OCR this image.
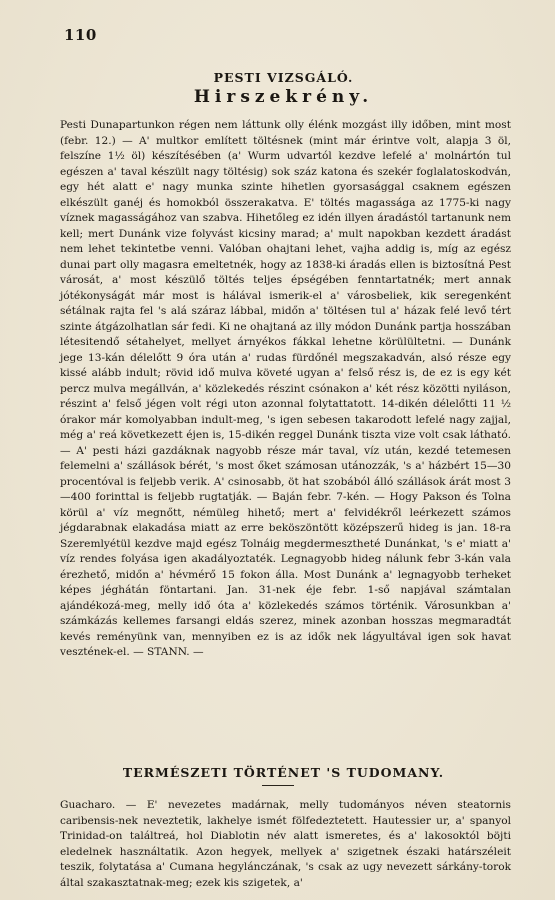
110
PESTI VIZSGÁLÓ.
Hirszekrény.
Pesti Dunapartunkon régen nem láttunk olly élénk mozgást illy időben, mint most (febr. 12.) — A' multkor említett töltésnek (mint már érintve volt, alapja 3 öl, felszíne 1½ öl) készítésében (a' Wurm udvartól kezdve lefelé a' molnártón tul egészen a' taval készült nagy töltésig) sok száz katona és szekér foglalatoskodván, egy hét alatt e' nagy munka szinte hihetlen gyorsasággal csaknem egészen elkészült ganéj és homokból összerakatva. E' töltés magassága az 1775-ki nagy víznek magasságához van szabva. Hihetőleg ez idén illyen áradástól tartanunk nem kell; mert Dunánk vize folyvást kicsiny marad; a' mult napokban kezdett áradást nem lehet tekintetbe venni. Valóban ohajtani lehet, vajha addig is, míg az egész dunai part olly magasra emeltetnék, hogy az 1838-ki áradás ellen is biztosítná Pest városát, a' most készülő töltés teljes épségében fenntartatnék; mert annak jótékonyságát már most is hálával ismerik-el a' városbeliek, kik seregenként sétálnak rajta fel 's alá száraz lábbal, midőn a' töltésen tul a' házak felé levő tért szinte átgázolhatlan sár fedi. Ki ne ohajtaná az illy módon Dunánk partja hosszában létesitendő sétahelyet, mellyet árnyékos fákkal lehetne körülültetni. — Dunánk jege 13-kán délelőtt 9 óra után a' rudas fürdőnél megszakadván, alsó része egy kissé alább indult; rövid idő mulva követé ugyan a' felső rész is, de ez is egy két percz mulva megállván, a' közlekedés részint csónakon a' két rész közötti nyiláson, részint a' felső jégen volt régi uton azonnal folytattatott. 14-dikén délelőtti 11 ½ órakor már komolyabban indult-meg, 's igen sebesen takarodott lefelé nagy zajjal, még a' reá következett éjen is, 15-dikén reggel Dunánk tiszta vize volt csak látható. — A' pesti házi gazdáknak nagyobb része már taval, víz után, kezdé tetemesen felemelni a' szállások bérét, 's most őket számosan utánozzák, 's a' házbért 15—30 procentóval is feljebb verik. A' csinosabb, öt hat szobából álló szállások árát most 3—400 forinttal is feljebb rugtatják. — Baján febr. 7-kén. — Hogy Pakson és Tolna körül a' víz megnőtt, némüleg hihető; mert a' felvidékről leérkezett számos jégdarabnak elakadása miatt az erre beköszöntött középszerű hideg is jan. 18-ra Szeremlyétül kezdve majd egész Tolnáig megdermesztheté Dunánkat, 's e' miatt a' víz rendes folyása igen akadályoztaték. Legnagyobb hideg nálunk febr 3-kán vala érezhető, midőn a' hévmérő 15 fokon álla. Most Dunánk a' legnagyobb terheket képes jéghátán föntartani. Jan. 31-nek éje febr. 1-ső napjával számtalan ajándékozá-meg, melly idő óta a' közlekedés számos történik. Városunkban a' számkázás kellemes farsangi eldás szerez, minek azonban hosszas megmaradtát kevés reményünk van, mennyiben ez is az idők nek lágyultával igen sok havat vesztének-el. — STANN. —
TERMÉSZETI TÖRTÉNET 'S TUDOMANY.
Guacharo. — E' nevezetes madárnak, melly tudományos néven steatornis caribensis-nek neveztetik, lakhelye ismét fölfedeztetett. Hautessier ur, a' spanyol Trinidad-on találtreá, hol Diablotin név alatt ismeretes, és a' lakosoktól böjti eledelnek használtatik. Azon hegyek, mellyek a' szigetnek északi határszéleit teszik, folytatása a' Cumana hegylánczának, 's csak az ugy nevezett sárkány-torok által szakasztatnak-meg; ezek kis szigetek, a'
